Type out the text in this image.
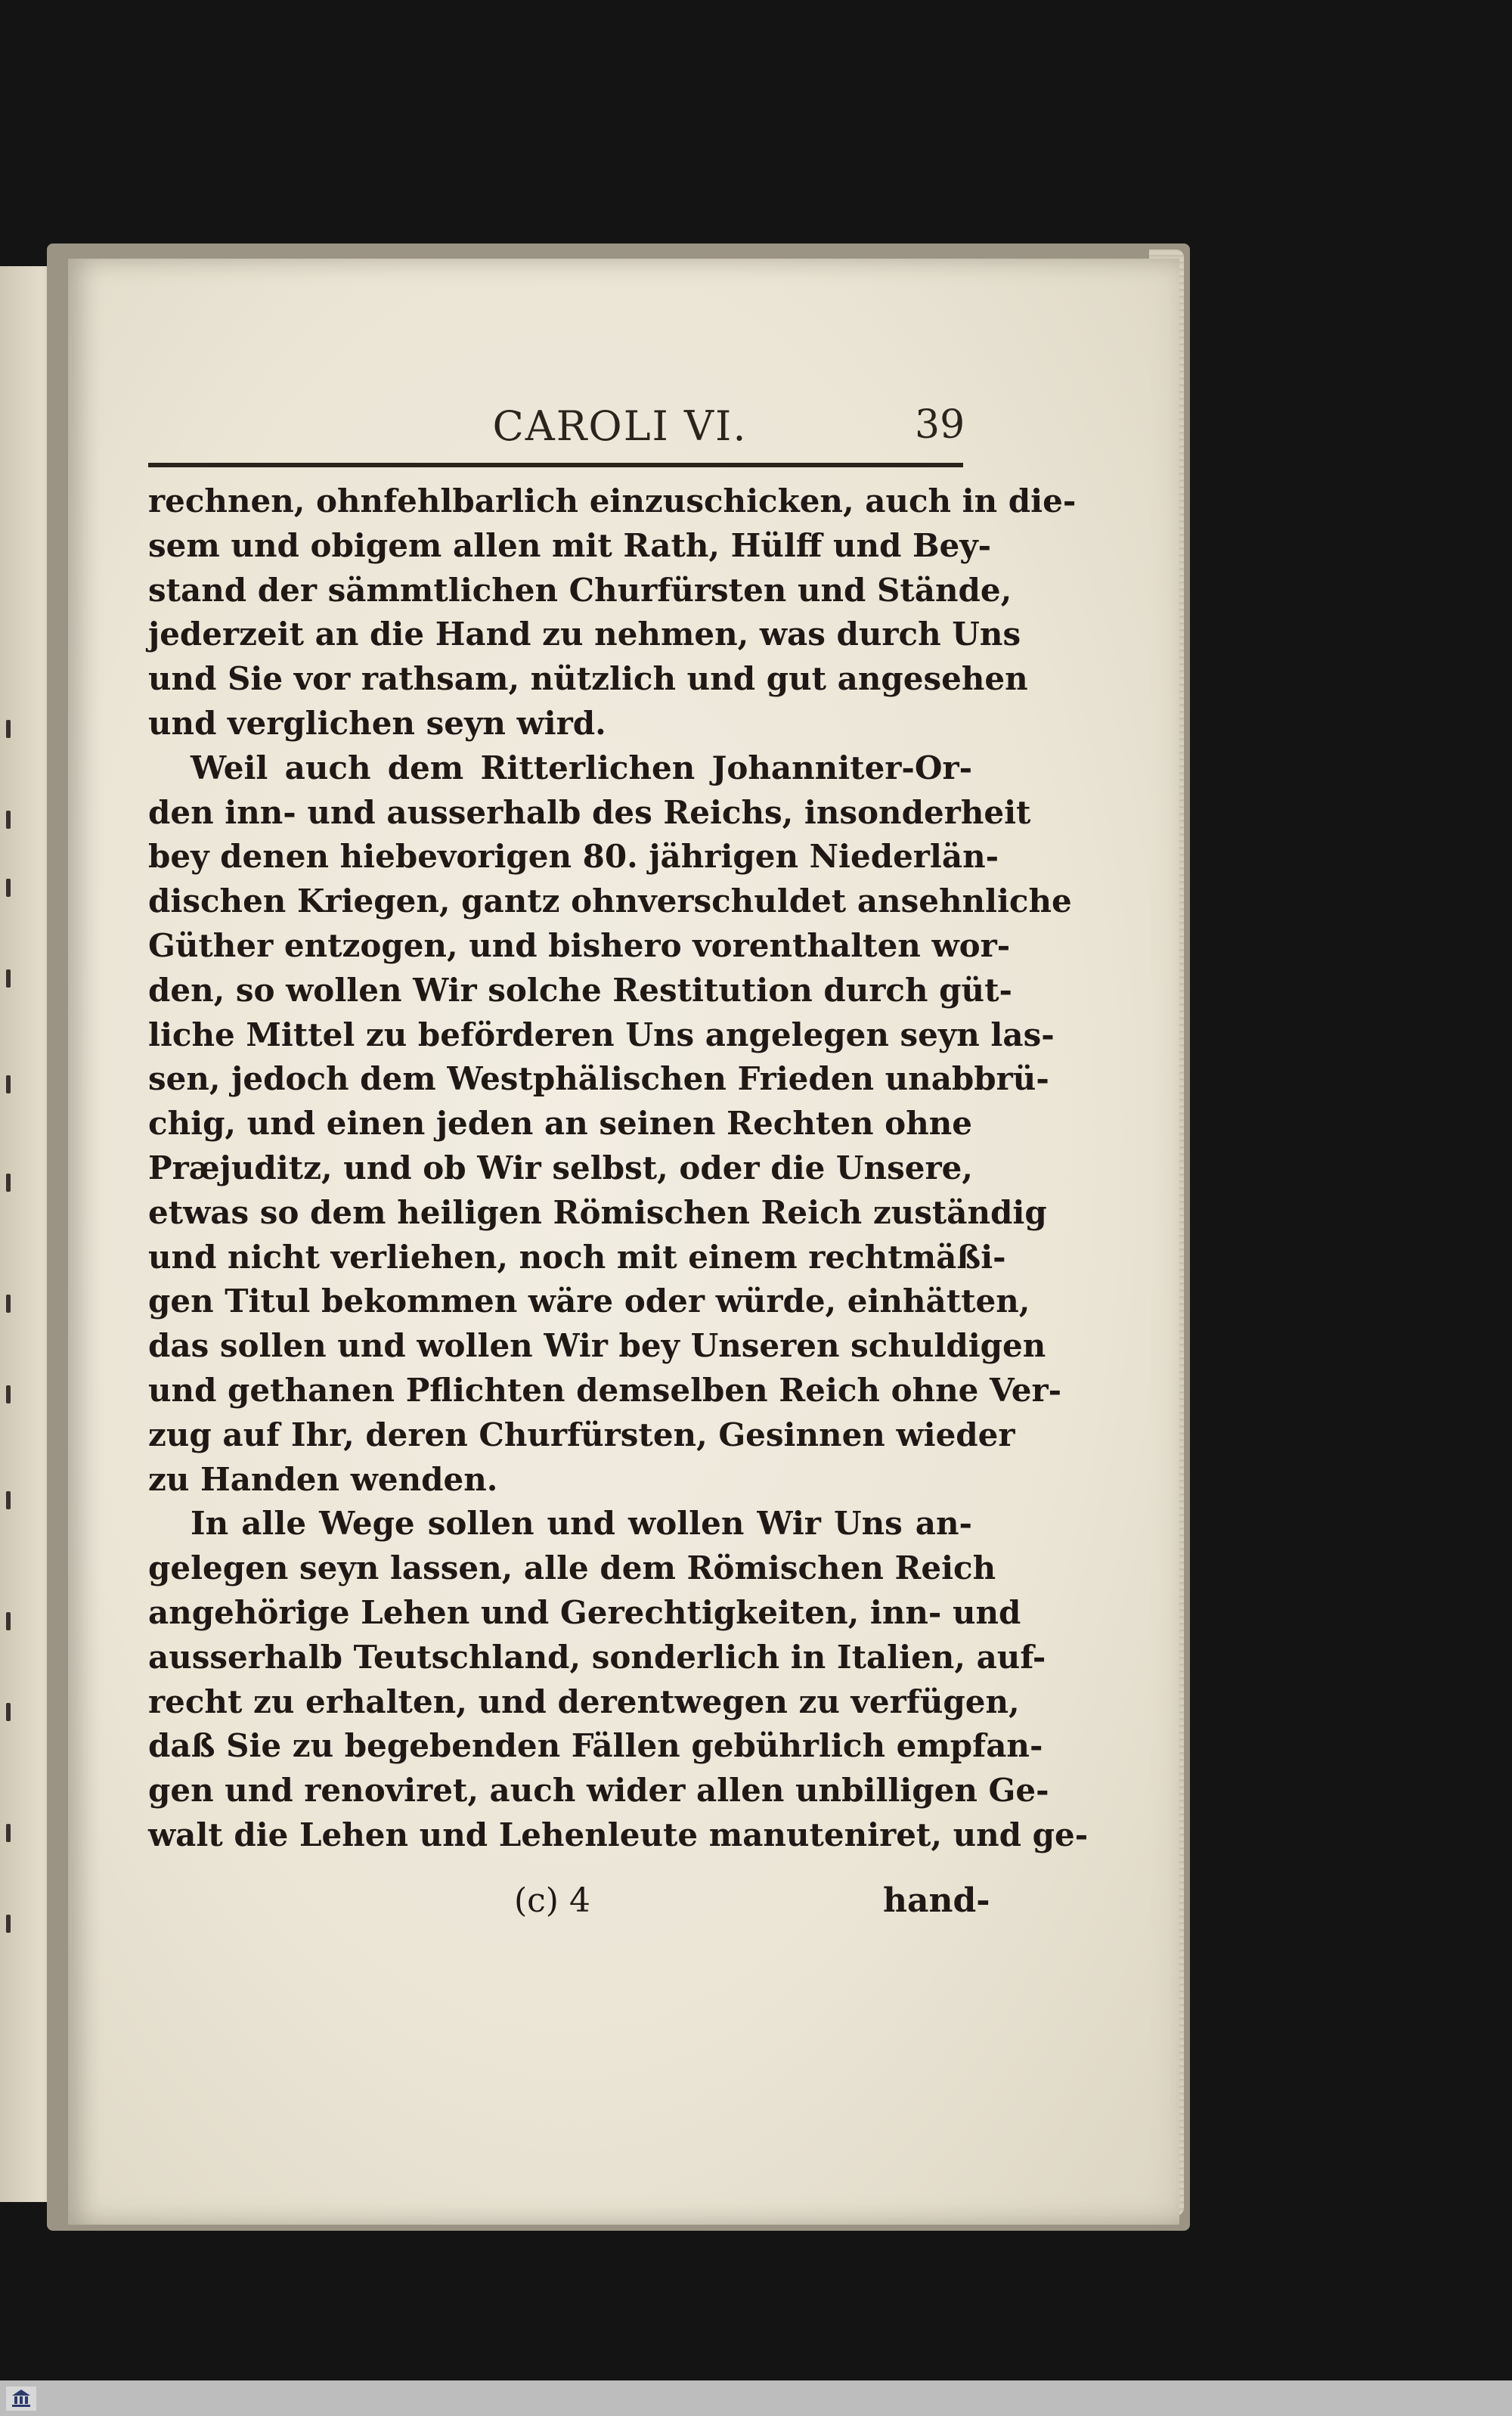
CAROLI VI.	39
rechnen, ohnfehlbarlich einzuschicken, auch in die-
sem und obigem allen mit Rath, Hülff und Bey-
stand der sämmtlichen Churfürsten und Stände,
jederzeit an die Hand zu nehmen, was durch Uns
und Sie vor rathsam, nützlich und gut angesehen
und verglichen seyn wird.
Weil auch dem Ritterlichen Johanniter-Or-
den inn- und ausserhalb des Reichs, insonderheit
bey denen hiebevorigen 80. jährigen Niederlän-
dischen Kriegen, gantz ohnverschuldet ansehnliche
Güther entzogen, und bishero vorenthalten wor-
den, so wollen Wir solche Restitution durch güt-
liche Mittel zu beförderen Uns angelegen seyn las-
sen, jedoch dem Westphälischen Frieden unabbrü-
chig, und einen jeden an seinen Rechten ohne
Præjuditz, und ob Wir selbst, oder die Unsere,
etwas so dem heiligen Römischen Reich zuständig
und nicht verliehen, noch mit einem rechtmäßi-
gen Titul bekommen wäre oder würde, einhätten,
das sollen und wollen Wir bey Unseren schuldigen
und gethanen Pflichten demselben Reich ohne Ver-
zug auf Ihr, deren Churfürsten, Gesinnen wieder
zu Handen wenden.
In alle Wege sollen und wollen Wir Uns an-
gelegen seyn lassen, alle dem Römischen Reich
angehörige Lehen und Gerechtigkeiten, inn- und
ausserhalb Teutschland, sonderlich in Italien, auf-
recht zu erhalten, und derentwegen zu verfügen,
daß Sie zu begebenden Fällen gebührlich empfan-
gen und renoviret, auch wider allen unbilligen Ge-
walt die Lehen und Lehenleute manuteniret, und ge-
(c) 4	hand-
